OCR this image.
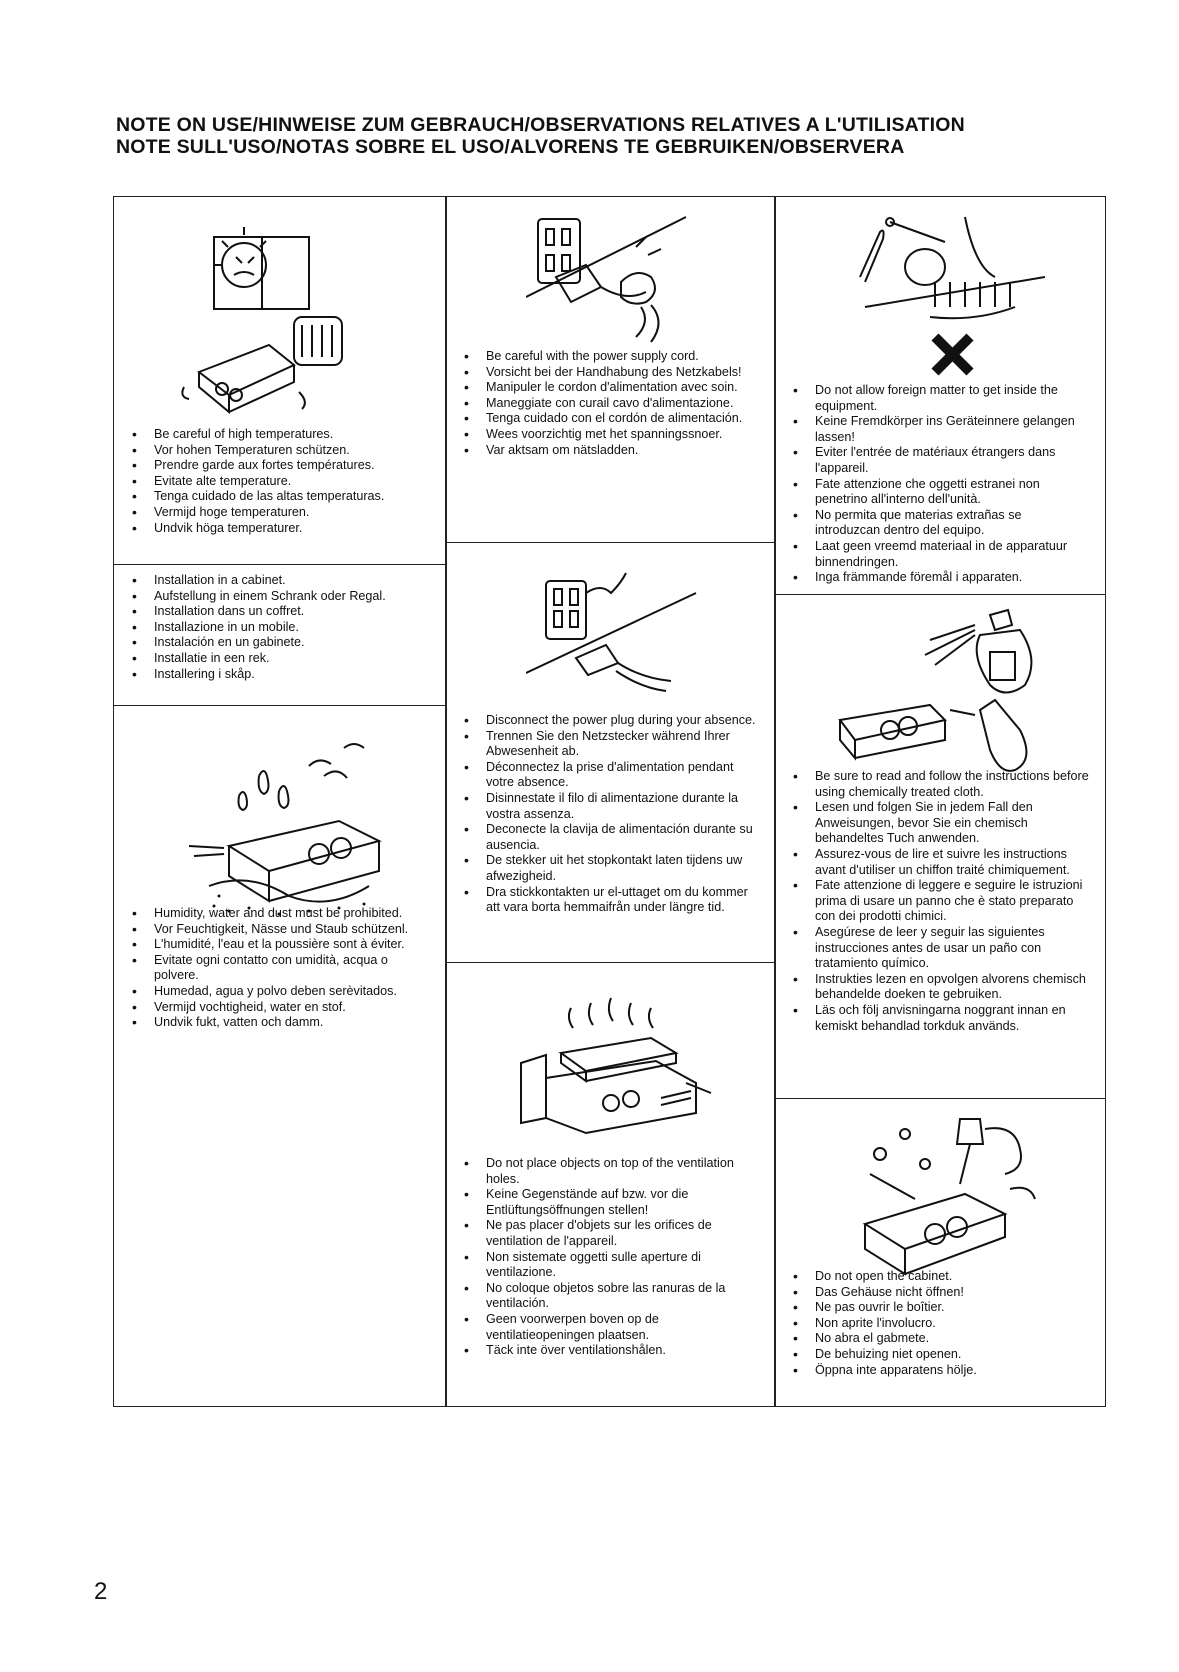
NOTE ON USE/HINWEISE ZUM GEBRAUCH/OBSERVATIONS RELATIVES A L'UTILISATION
NOTE SULL'USO/NOTAS SOBRE EL USO/ALVORENS TE GEBRUIKEN/OBSERVERA
• Be careful of high temperatures.
• Vor hohen Temperaturen schützen.
• Prendre garde aux fortes températures.
• Evitate alte temperature.
• Tenga cuidado de las altas temperaturas.
• Vermijd hoge temperaturen.
• Undvik höga temperaturer.
• Installation in a cabinet.
• Aufstellung in einem Schrank oder Regal.
• Installation dans un coffret.
• Installazione in un mobile.
• Instalación en un gabinete.
• Installatie in een rek.
• Installering i skåp.
• Humidity, water and dust must be prohibited.
• Vor Feuchtigkeit, Nässe und Staub schützenl.
• L'humidité, l'eau et la poussière sont à éviter.
• Evitate ogni contatto con umidità, acqua o polvere.
• Humedad, agua y polvo deben serèvitados.
• Vermijd vochtigheid, water en stof.
• Undvik fukt, vatten och damm.
• Be careful with the power supply cord.
• Vorsicht bei der Handhabung des Netzkabels!
• Manipuler le cordon d'alimentation avec soin.
• Maneggiate con curail cavo d'alimentazione.
• Tenga cuidado con el cordón de alimentación.
• Wees voorzichtig met het spanningssnoer.
• Var aktsam om nätsladden.
• Disconnect the power plug during your absence.
• Trennen Sie den Netzstecker während Ihrer Abwesenheit ab.
• Déconnectez la prise d'alimentation pendant votre absence.
• Disinnestate il filo di alimentazione durante la vostra assenza.
• Deconecte la clavija de alimentación durante su ausencia.
• De stekker uit het stopkontakt laten tijdens uw afwezigheid.
• Dra stickkontakten ur el-uttaget om du kommer att vara borta hemmaifrån under längre tid.
• Do not place objects on top of the ventilation holes.
• Keine Gegenstände auf bzw. vor die Entlüftungsöffnungen stellen!
• Ne pas placer d'objets sur les orifices de ventilation de l'appareil.
• Non sistemate oggetti sulle aperture di ventilazione.
• No coloque objetos sobre las ranuras de la ventilación.
• Geen voorwerpen boven op de ventilatieopeningen plaatsen.
• Täck inte över ventilationshålen.
• Do not allow foreign matter to get inside the equipment.
• Keine Fremdkörper ins Geräteinnere gelangen lassen!
• Eviter l'entrée de matériaux étrangers dans l'appareil.
• Fate attenzione che oggetti estranei non penetrino all'interno dell'unità.
• No permita que materias extrañas se introduzcan dentro del equipo.
• Laat geen vreemd materiaal in de apparatuur binnendringen.
• Inga främmande föremål i apparaten.
• Be sure to read and follow the instructions before using chemically treated cloth.
• Lesen und folgen Sie in jedem Fall den Anweisungen, bevor Sie ein chemisch behandeltes Tuch anwenden.
• Assurez-vous de lire et suivre les instructions avant d'utiliser un chiffon traité chimiquement.
• Fate attenzione di leggere e seguire le istruzioni prima di usare un panno che è stato preparato con dei prodotti chimici.
• Asegúrese de leer y seguir las siguientes instrucciones antes de usar un paño con tratamiento químico.
• Instrukties lezen en opvolgen alvorens chemisch behandelde doeken te gebruiken.
• Läs och följ anvisningarna noggrant innan en kemiskt behandlad torkduk används.
• Do not open the cabinet.
• Das Gehäuse nicht öffnen!
• Ne pas ouvrir le boîtier.
• Non aprite l'involucro.
• No abra el gabmete.
• De behuizing niet openen.
• Öppna inte apparatens hölje.
2
